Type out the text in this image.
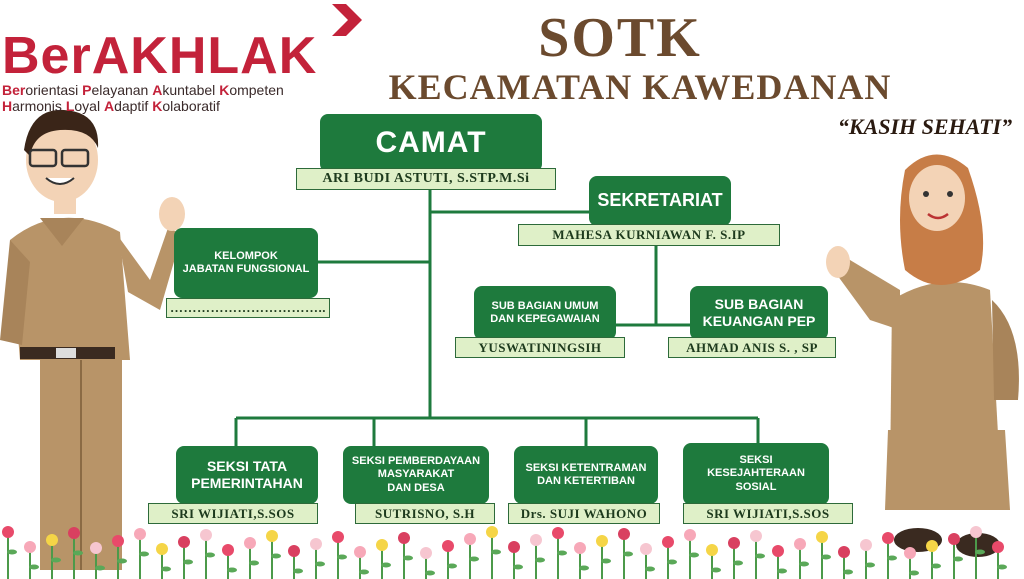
BerAKHLAK
Berorientasi Pelayanan Akuntabel Kompeten
Harmonis Loyal Adaptif Kolaboratif
SOTK
KECAMATAN KAWEDANAN
“KASIH SEHATI”
CAMAT
ARI BUDI ASTUTI, S.STP.M.Si
SEKRETARIAT
MAHESA KURNIAWAN F. S.IP
KELOMPOK
JABATAN FUNGSIONAL
……………………………..	SUB BAGIAN UMUM
DAN KEPEGAWAIAN
YUSWATININGSIH
SUB BAGIAN
KEUANGAN PEP
AHMAD ANIS S. , SP
SEKSI TATA
PEMERINTAHAN
SRI WIJIATI,S.SOS
SEKSI PEMBERDAYAAN
MASYARAKAT
DAN DESA
SUTRISNO, S.H
SEKSI KETENTRAMAN
DAN KETERTIBAN
Drs. SUJI WAHONO
SEKSI
KESEJAHTERAAN
SOSIAL
SRI WIJIATI,S.SOS
